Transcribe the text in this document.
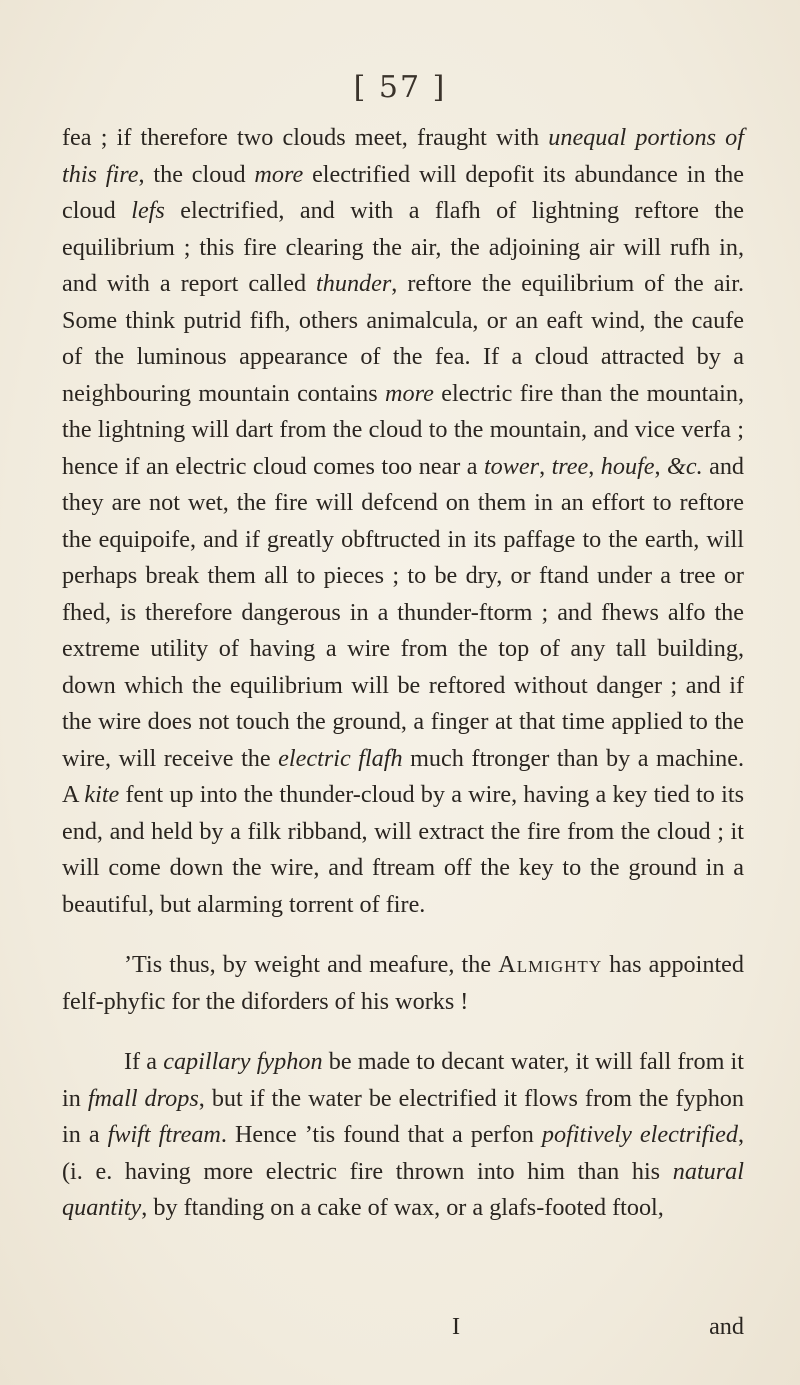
[ 57 ]

fea ; if therefore two clouds meet, fraught with unequal portions of this fire, the cloud more electrified will depofit its abundance in the cloud lefs electrified, and with a flafh of lightning reftore the equilibrium ; this fire clearing the air, the adjoining air will rufh in, and with a report called thunder, reftore the equilibrium of the air. Some think putrid fifh, others animalcula, or an eaft wind, the caufe of the luminous appearance of the fea. If a cloud attracted by a neighbouring mountain contains more electric fire than the mountain, the lightning will dart from the cloud to the mountain, and vice verfa ; hence if an electric cloud comes too near a tower, tree, houfe, &c. and they are not wet, the fire will defcend on them in an effort to reftore the equipoife, and if greatly obftructed in its paffage to the earth, will perhaps break them all to pieces ; to be dry, or ftand under a tree or fhed, is therefore dangerous in a thunder-ftorm ; and fhews alfo the extreme utility of having a wire from the top of any tall building, down which the equilibrium will be reftored without danger ; and if the wire does not touch the ground, a finger at that time applied to the wire, will receive the electric flafh much ftronger than by a machine. A kite fent up into the thunder-cloud by a wire, having a key tied to its end, and held by a filk ribband, will extract the fire from the cloud ; it will come down the wire, and ftream off the key to the ground in a beautiful, but alarming torrent of fire.

’Tis thus, by weight and meafure, the Almighty has appointed felf-phyfic for the diforders of his works !

If a capillary fyphon be made to decant water, it will fall from it in fmall drops, but if the water be electrified it flows from the fyphon in a fwift ftream. Hence ’tis found that a perfon pofitively electrified, (i. e. having more electric fire thrown into him than his natural quantity, by ftanding on a cake of wax, or a glafs-footed ftool,

I	and
